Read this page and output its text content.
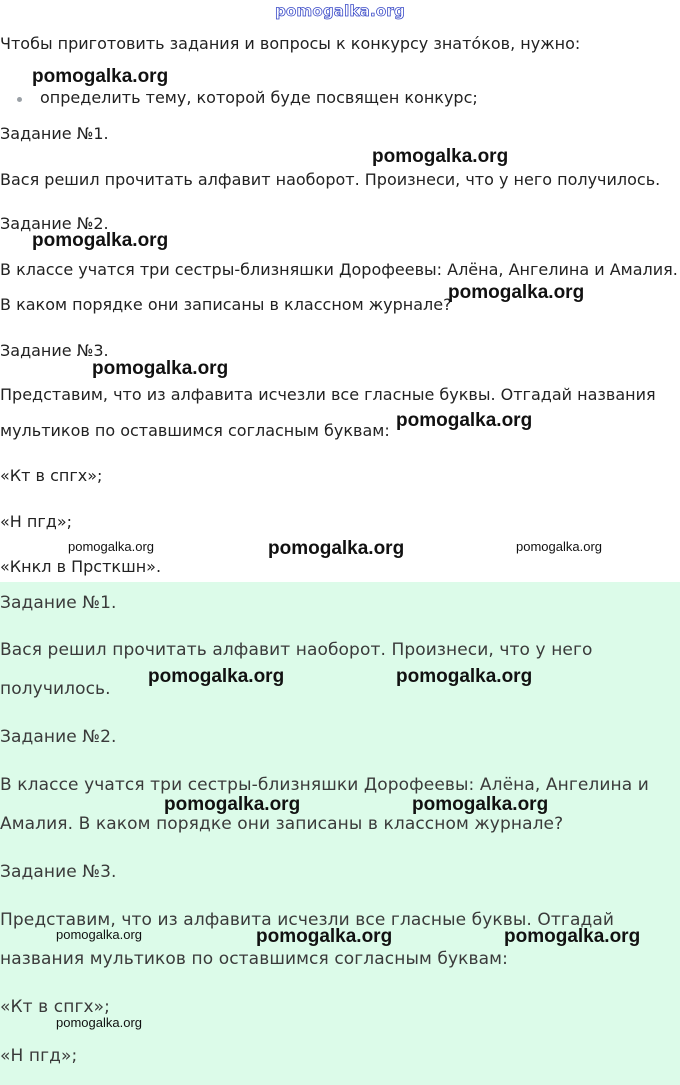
pomogalka.org
Чтобы приготовить задания и вопросы к конкурсу знатóков, нужно:
определить тему, которой буде посвящен конкурс;
Задание №1.
Вася решил прочитать алфавит наоборот. Произнеси, что у него получилось.
Задание №2.
В классе учатся три сестры-близняшки Дорофеевы: Алёна, Ангелина и Амалия.
В каком порядке они записаны в классном журнале?
Задание №3.
Представим, что из алфавита исчезли все гласные буквы. Отгадай названия
мультиков по оставшимся согласным буквам:
«Кт в спгх»;
«Н пгд»;
«Кнкл в Прсткшн».
Задание №1.
Вася решил прочитать алфавит наоборот. Произнеси, что у него
получилось.
Задание №2.
В классе учатся три сестры-близняшки Дорофеевы: Алёна, Ангелина и
Амалия. В каком порядке они записаны в классном журнале?
Задание №3.
Представим, что из алфавита исчезли все гласные буквы. Отгадай
названия мультиков по оставшимся согласным буквам:
«Кт в спгх»;
«Н пгд»;
pomogalka.org
pomogalka.org
pomogalka.org
pomogalka.org
pomogalka.org
pomogalka.org
pomogalka.org	pomogalka.org	pomogalka.org
pomogalka.org	pomogalka.org
pomogalka.org	pomogalka.org
pomogalka.org	pomogalka.org	pomogalka.org
pomogalka.org
